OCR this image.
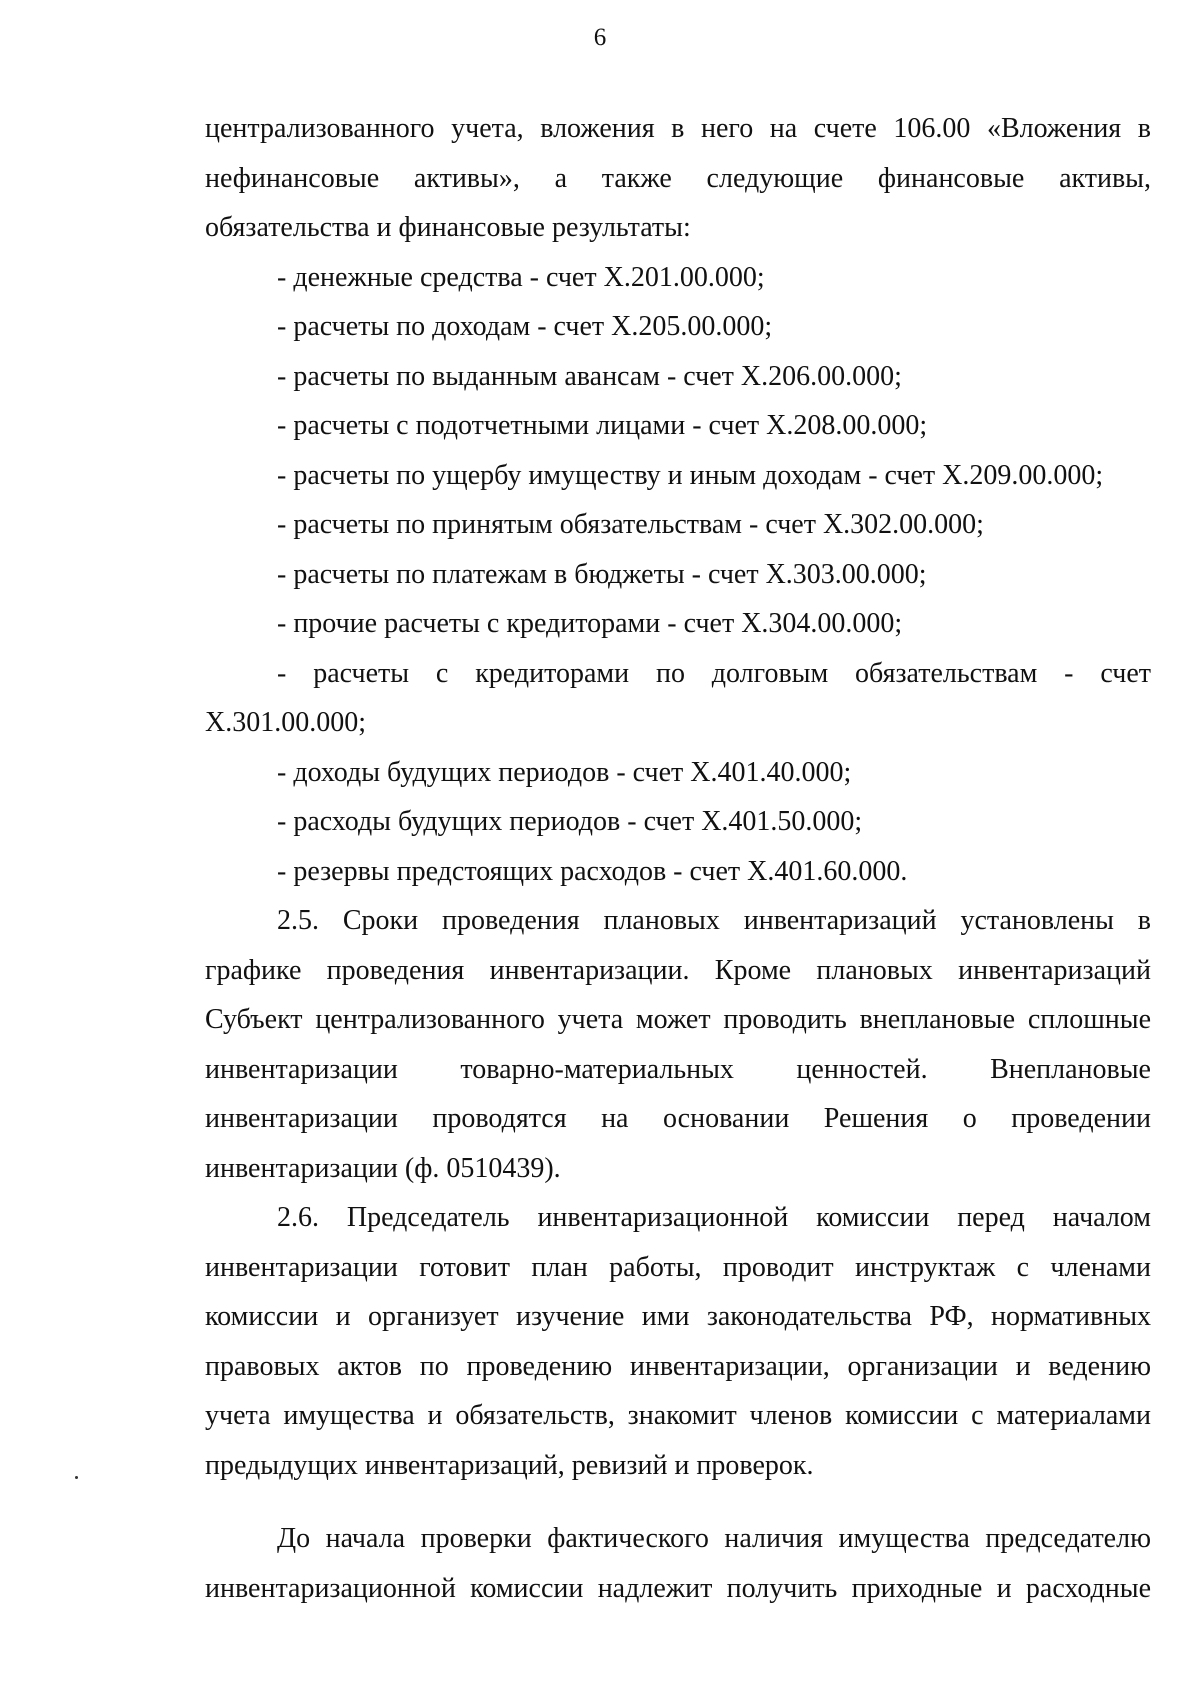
6
централизованного учета, вложения в него на счете 106.00 «Вложения в
нефинансовые активы», а также следующие финансовые активы,
обязательства и финансовые результаты:
- денежные средства - счет Х.201.00.000;
- расчеты по доходам - счет Х.205.00.000;
- расчеты по выданным авансам - счет Х.206.00.000;
- расчеты с подотчетными лицами - счет Х.208.00.000;
- расчеты по ущербу имуществу и иным доходам - счет Х.209.00.000;
- расчеты по принятым обязательствам - счет Х.302.00.000;
- расчеты по платежам в бюджеты - счет Х.303.00.000;
- прочие расчеты с кредиторами - счет Х.304.00.000;
- расчеты с кредиторами по долговым обязательствам - счет
Х.301.00.000;
- доходы будущих периодов - счет Х.401.40.000;
- расходы будущих периодов - счет Х.401.50.000;
- резервы предстоящих расходов - счет Х.401.60.000.
2.5. Сроки проведения плановых инвентаризаций установлены в
графике проведения инвентаризации. Кроме плановых инвентаризаций
Субъект централизованного учета может проводить внеплановые сплошные
инвентаризации товарно-материальных ценностей. Внеплановые
инвентаризации проводятся на основании Решения о проведении
инвентаризации (ф. 0510439).
2.6. Председатель инвентаризационной комиссии перед началом
инвентаризации готовит план работы, проводит инструктаж с членами
комиссии и организует изучение ими законодательства РФ, нормативных
правовых актов по проведению инвентаризации, организации и ведению
учета имущества и обязательств, знакомит членов комиссии с материалами
предыдущих инвентаризаций, ревизий и проверок.
До начала проверки фактического наличия имущества председателю
инвентаризационной комиссии надлежит получить приходные и расходные
